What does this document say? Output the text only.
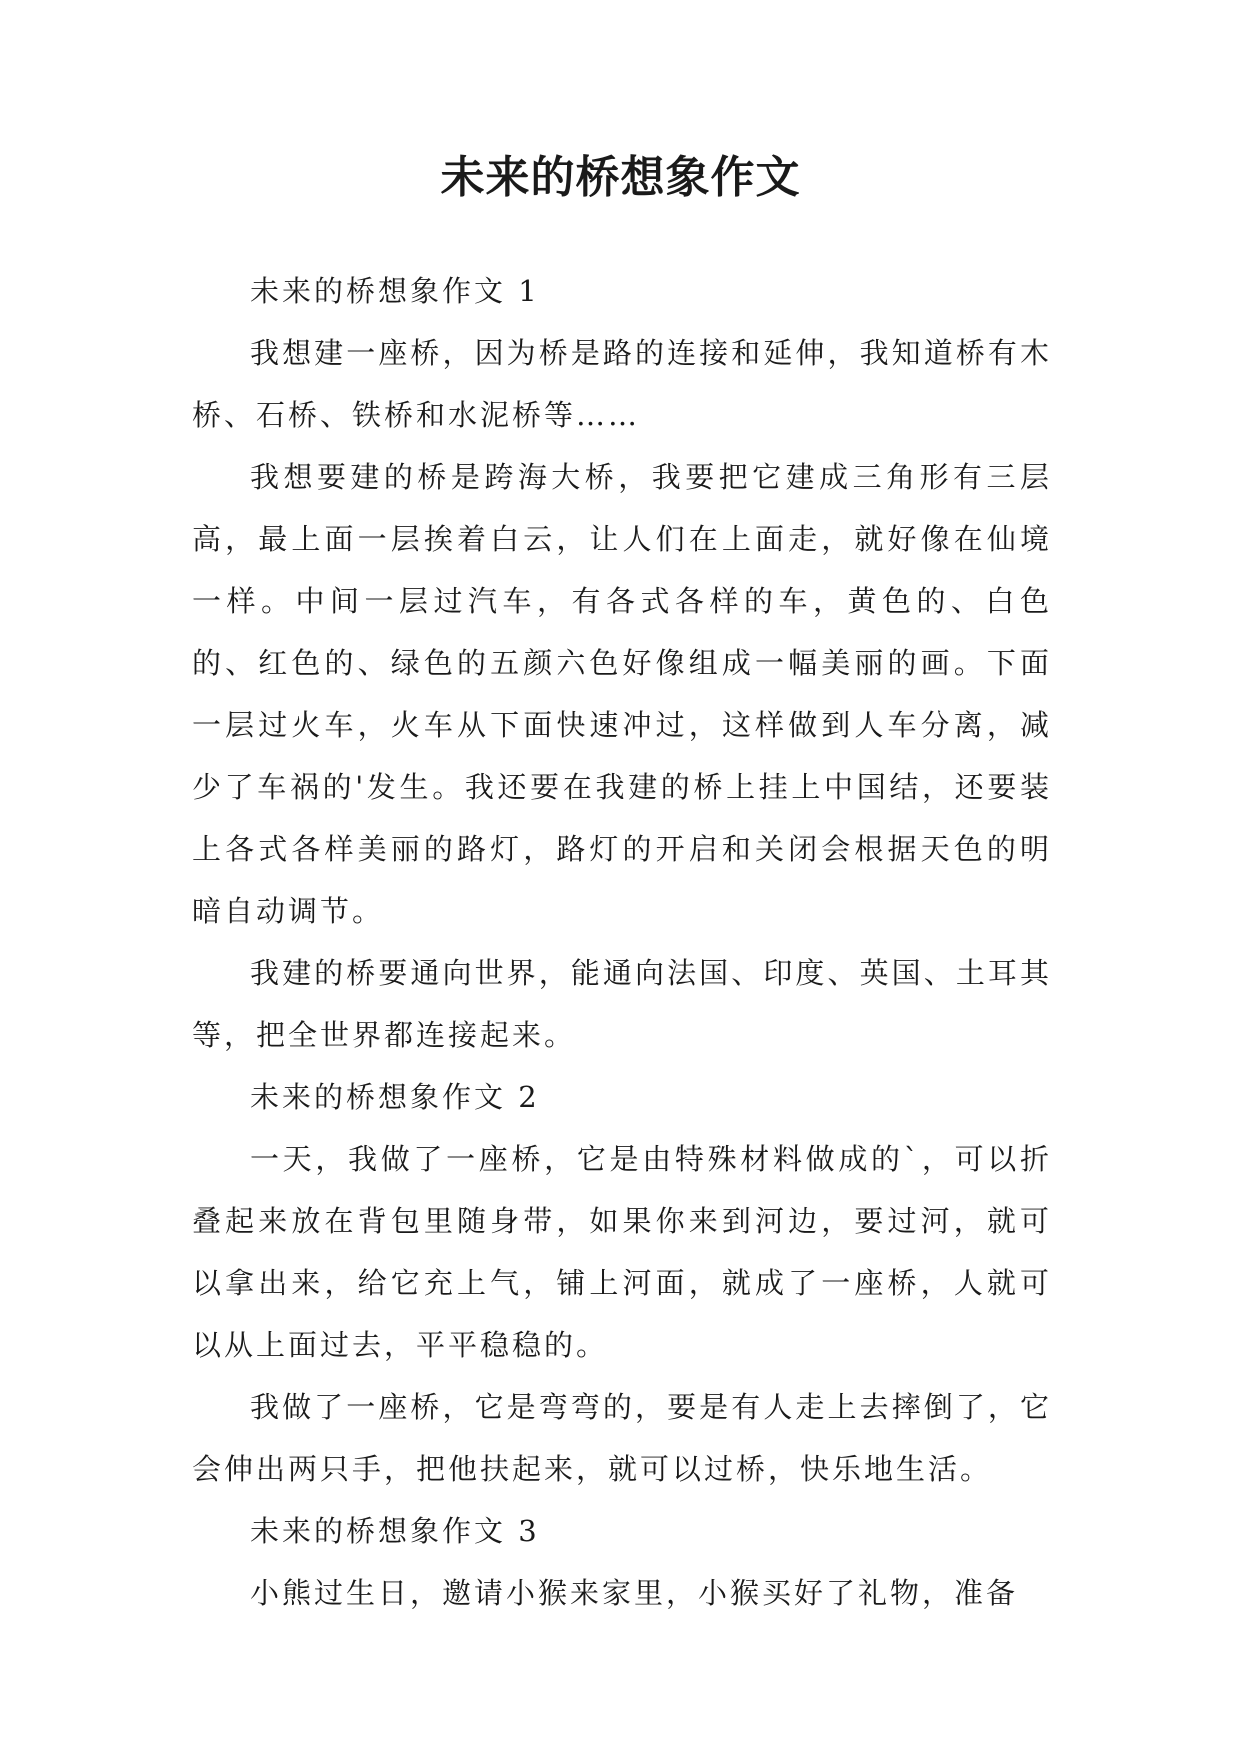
未来的桥想象作文

未来的桥想象作文 1

我想建一座桥，因为桥是路的连接和延伸，我知道桥有木桥、石桥、铁桥和水泥桥等……

我想要建的桥是跨海大桥，我要把它建成三角形有三层高，最上面一层挨着白云，让人们在上面走，就好像在仙境一样。中间一层过汽车，有各式各样的车，黄色的、白色的、红色的、绿色的五颜六色好像组成一幅美丽的画。下面一层过火车，火车从下面快速冲过，这样做到人车分离，减少了车祸的'发生。我还要在我建的桥上挂上中国结，还要装上各式各样美丽的路灯，路灯的开启和关闭会根据天色的明暗自动调节。

我建的桥要通向世界，能通向法国、印度、英国、土耳其等，把全世界都连接起来。

未来的桥想象作文 2

一天，我做了一座桥，它是由特殊材料做成的`，可以折叠起来放在背包里随身带，如果你来到河边，要过河，就可以拿出来，给它充上气，铺上河面，就成了一座桥，人就可以从上面过去，平平稳稳的。

我做了一座桥，它是弯弯的，要是有人走上去摔倒了，它会伸出两只手，把他扶起来，就可以过桥，快乐地生活。

未来的桥想象作文 3

小熊过生日，邀请小猴来家里，小猴买好了礼物，准备
